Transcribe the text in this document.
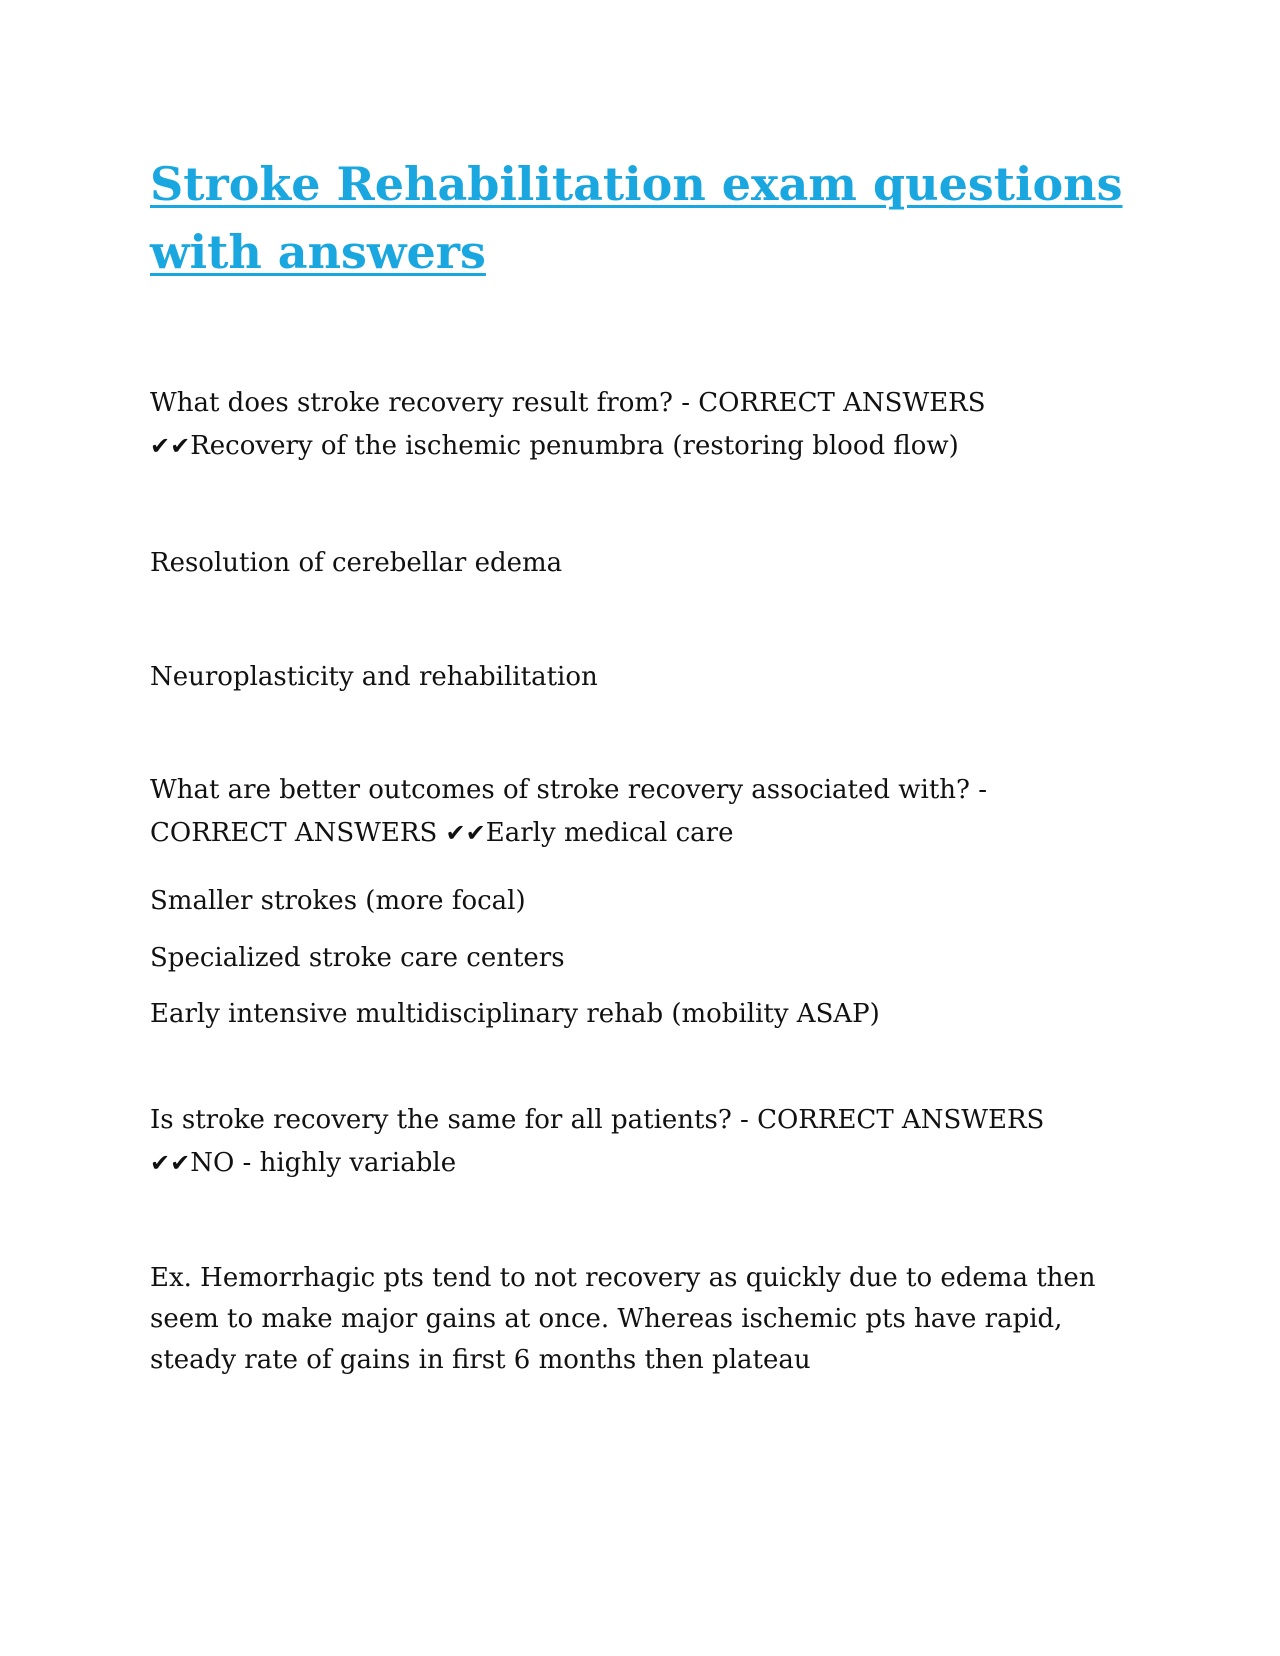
Stroke Rehabilitation exam questions with answers

What does stroke recovery result from? - CORRECT ANSWERS ✔✔Recovery of the ischemic penumbra (restoring blood flow)

Resolution of cerebellar edema

Neuroplasticity and rehabilitation

What are better outcomes of stroke recovery associated with? - CORRECT ANSWERS ✔✔Early medical care

Smaller strokes (more focal)

Specialized stroke care centers

Early intensive multidisciplinary rehab (mobility ASAP)

Is stroke recovery the same for all patients? - CORRECT ANSWERS ✔✔NO - highly variable

Ex. Hemorrhagic pts tend to not recovery as quickly due to edema then seem to make major gains at once. Whereas ischemic pts have rapid, steady rate of gains in first 6 months then plateau
